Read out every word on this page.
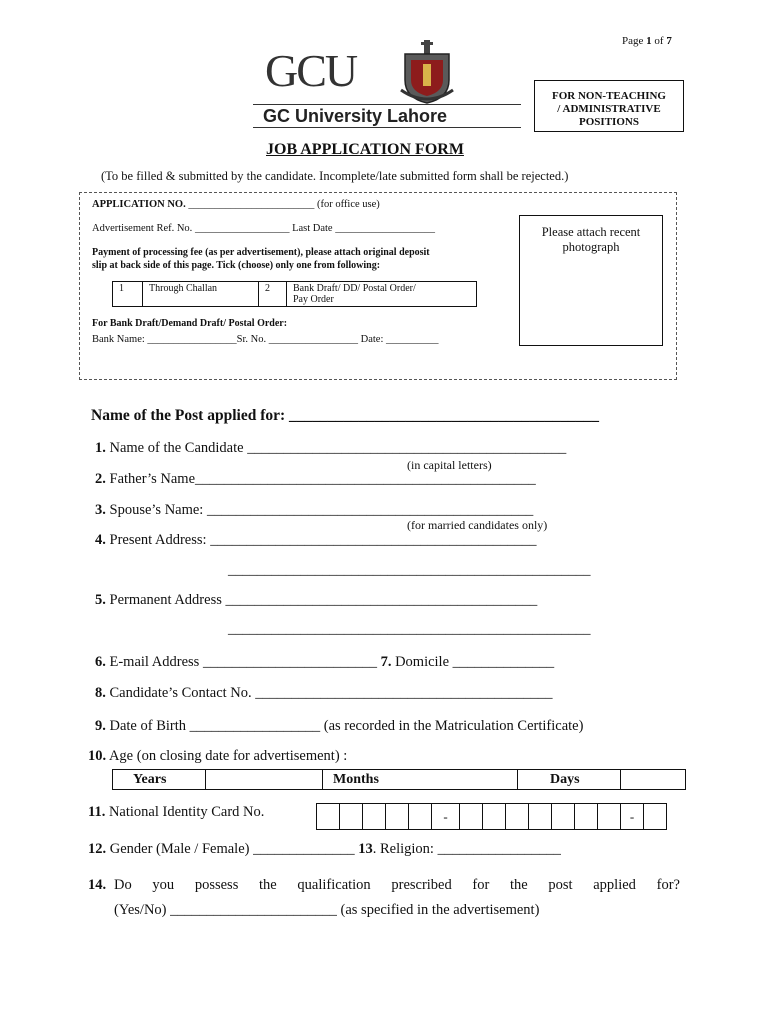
Page 1 of 7
GCU
GC University Lahore
FOR NON-TEACHING
/ ADMINISTRATIVE
POSITIONS
JOB APPLICATION FORM
(To be filled & submitted by the candidate. Incomplete/late submitted form shall be rejected.)
APPLICATION NO. ________________________ (for office use)
Advertisement Ref. No. __________________ Last Date ___________________
Payment of processing fee (as per advertisement), please attach original deposit
slip at back side of this page. Tick (choose) only one from following:
1	Through Challan	2	Bank Draft/ DD/ Postal Order/
Pay Order
For Bank Draft/Demand Draft/ Postal Order:
Bank Name: _________________Sr. No. _________________ Date: __________
Please attach recent
photograph
Name of the Post applied for: ________________________________________
1. Name of the Candidate ____________________________________________
(in capital letters)
2. Father’s Name_______________________________________________
3. Spouse’s Name: _____________________________________________
(for married candidates only)
4. Present Address: _____________________________________________
__________________________________________________
5. Permanent Address ___________________________________________
__________________________________________________
6. E-mail Address ________________________ 7. Domicile ______________
8. Candidate’s Contact No. _________________________________________
9. Date of Birth __________________ (as recorded in the Matriculation Certificate)
10. Age (on closing date for advertisement) :
Years		Months		Days	
11. National Identity Card No.
						-								-	
12. Gender (Male / Female) ______________ 13. Religion: _________________
14. Do you possess the qualification prescribed for the post applied for?
(Yes/No) _______________________ (as specified in the advertisement)
